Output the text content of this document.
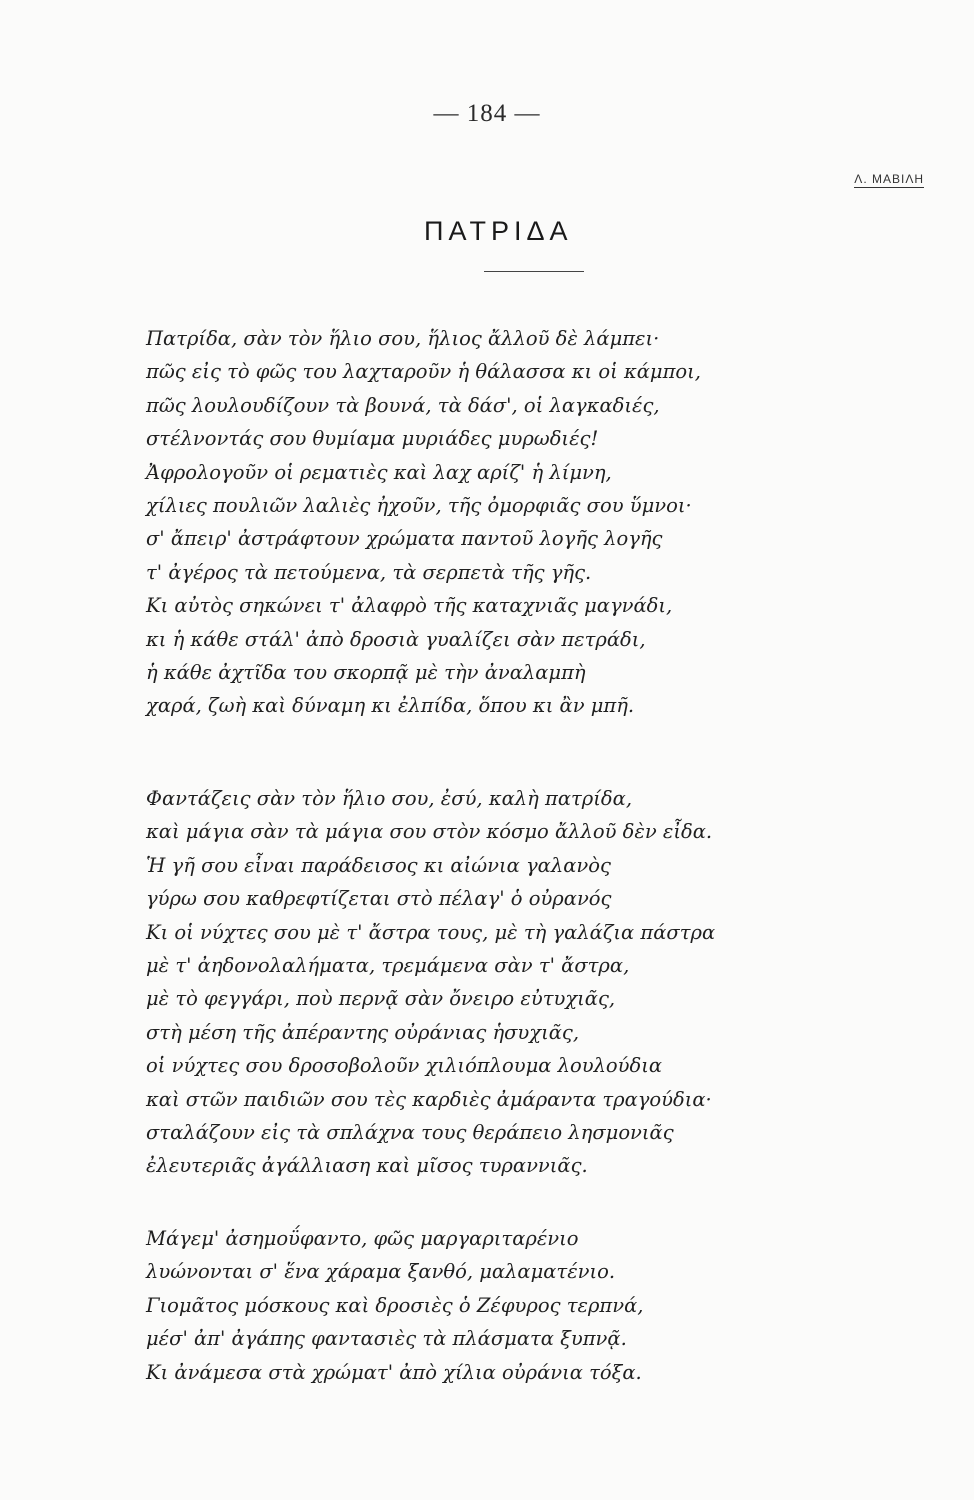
— 184 —
Λ. ΜΑΒΙΛΗ
ΠΑΤΡΙΔΑ
Πατρίδα, σὰν τὸν ἥλιο σου, ἥλιος ἄλλοῦ δὲ λάμπει·
πῶς εἰς τὸ φῶς του λαχταροῦν ἡ θάλασσα κι οἱ κάμποι,
πῶς λουλουδίζουν τὰ βουνά, τὰ δάσ', οἱ λαγκαδιές,
στέλνοντάς σου θυμίαμα μυριάδες μυρωδιές!
Ἀφρολογοῦν οἱ ρεματιὲς καὶ λαχ αρίζ' ἡ λίμνη,
χίλιες πουλιῶν λαλιὲς ἠχοῦν, τῆς ὀμορφιᾶς σου ὕμνοι·
σ' ἄπειρ' ἀστράφτουν χρώματα παντοῦ λογῆς λογῆς
τ' ἀγέρος τὰ πετούμενα, τὰ σερπετὰ τῆς γῆς.
Κι αὐτὸς σηκώνει τ' ἀλαφρὸ τῆς καταχνιᾶς μαγνάδι,
κι ἡ κάθε στάλ' ἀπὸ δροσιὰ γυαλίζει σὰν πετράδι,
ἡ κάθε ἀχτῖδα του σκορπᾷ μὲ τὴν ἀναλαμπὴ
χαρά, ζωὴ καὶ δύναμη κι ἐλπίδα, ὅπου κι ἂν μπῆ.
Φαντάζεις σὰν τὸν ἥλιο σου, ἐσύ, καλὴ πατρίδα,
καὶ μάγια σὰν τὰ μάγια σου στὸν κόσμο ἄλλοῦ δὲν εἶδα.
Ἡ γῆ σου εἶναι παράδεισος κι αἰώνια γαλανὸς
γύρω σου καθρεφτίζεται στὸ πέλαγ' ὁ οὐρανός
Κι οἱ νύχτες σου μὲ τ' ἄστρα τους, μὲ τὴ γαλάζια πάστρα
μὲ τ' ἀηδονολαλήματα, τρεμάμενα σὰν τ' ἄστρα,
μὲ τὸ φεγγάρι, ποὺ περνᾷ σὰν ὄνειρο εὐτυχιᾶς,
στὴ μέση τῆς ἀπέραντης οὐράνιας ἡσυχιᾶς,
οἱ νύχτες σου δροσοβολοῦν χιλιόπλουμα λουλούδια
καὶ στῶν παιδιῶν σου τὲς καρδιὲς ἀμάραντα τραγούδια·
σταλάζουν εἰς τὰ σπλάχνα τους θεράπειο λησμονιᾶς
ἐλευτεριᾶς ἀγάλλιαση καὶ μῖσος τυραννιᾶς.
Μάγεμ' ἀσημοΰφαντο, φῶς μαργαριταρένιο
λυώνονται σ' ἕνα χάραμα ξανθό, μαλαματένιο.
Γιομᾶτος μόσκους καὶ δροσιὲς ὁ Ζέφυρος τερπνά,
μέσ' ἀπ' ἀγάπης φαντασιὲς τὰ πλάσματα ξυπνᾷ.
Κι ἀνάμεσα στὰ χρώματ' ἀπὸ χίλια οὐράνια τόξα.
